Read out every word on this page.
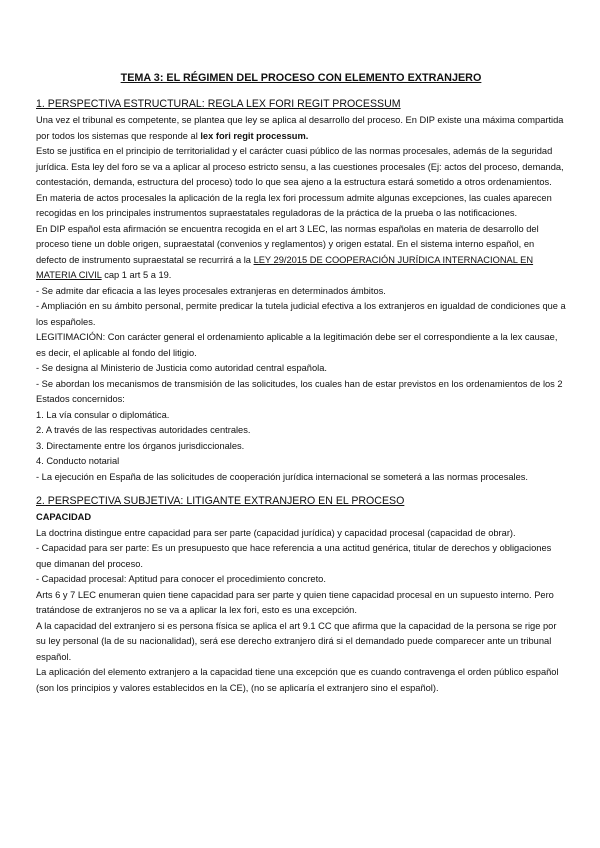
TEMA 3: EL RÉGIMEN DEL PROCESO CON ELEMENTO EXTRANJERO
1. PERSPECTIVA ESTRUCTURAL: REGLA LEX FORI REGIT PROCESSUM

Una vez el tribunal es competente, se plantea que ley se aplica al desarrollo del proceso. En DIP existe una máxima compartida por todos los sistemas que responde al lex fori regit processum.

Esto se justifica en el principio de territorialidad y el carácter cuasi público de las normas procesales, además de la seguridad jurídica. Esta ley del foro se va a aplicar al proceso estricto sensu, a las cuestiones procesales (Ej: actos del proceso, demanda, contestación, demanda, estructura del proceso) todo lo que sea ajeno a la estructura estará sometido a otros ordenamientos.

En materia de actos procesales la aplicación de la regla lex fori processum admite algunas excepciones, las cuales aparecen recogidas en los principales instrumentos supraestatales reguladoras de la práctica de la prueba o las notificaciones.

En DIP español esta afirmación se encuentra recogida en el art 3 LEC, las normas españolas en materia de desarrollo del proceso tiene un doble origen, supraestatal (convenios y reglamentos) y origen estatal. En el sistema interno español, en defecto de instrumento supraestatal se recurrirá a la LEY 29/2015 DE COOPERACIÓN JURÍDICA INTERNACIONAL EN MATERIA CIVIL cap 1 art 5 a 19.

- Se admite dar eficacia a las leyes procesales extranjeras en determinados ámbitos.

- Ampliación en su ámbito personal, permite predicar la tutela judicial efectiva a los extranjeros en igualdad de condiciones que a los españoles.

LEGITIMACIÓN: Con carácter general el ordenamiento aplicable a la legitimación debe ser el correspondiente a la lex causae, es decir, el aplicable al fondo del litigio.

- Se designa al Ministerio de Justicia como autoridad central española.

- Se abordan los mecanismos de transmisión de las solicitudes, los cuales han de estar previstos en los ordenamientos de los 2 Estados concernidos:

1. La vía consular o diplomática.

2. A través de las respectivas autoridades centrales.

3. Directamente entre los órganos jurisdiccionales.

4. Conducto notarial

- La ejecución en España de las solicitudes de cooperación jurídica internacional se someterá a las normas procesales.

2. PERSPECTIVA SUBJETIVA: LITIGANTE EXTRANJERO EN EL PROCESO

CAPACIDAD

La doctrina distingue entre capacidad para ser parte (capacidad jurídica) y capacidad procesal (capacidad de obrar).

- Capacidad para ser parte: Es un presupuesto que hace referencia a una actitud genérica, titular de derechos y obligaciones que dimanan del proceso.

- Capacidad procesal: Aptitud para conocer el procedimiento concreto.

Arts 6 y 7 LEC enumeran quien tiene capacidad para ser parte y quien tiene capacidad procesal en un supuesto interno. Pero tratándose de extranjeros no se va a aplicar la lex fori, esto es una excepción.

A la capacidad del extranjero si es persona física se aplica el art 9.1 CC que afirma que la capacidad de la persona se rige por su ley personal (la de su nacionalidad), será ese derecho extranjero dirá si el demandado puede comparecer ante un tribunal español.

La aplicación del elemento extranjero a la capacidad tiene una excepción que es cuando contravenga el orden público español (son los principios y valores establecidos en la CE), (no se aplicaría el extranjero sino el español).
